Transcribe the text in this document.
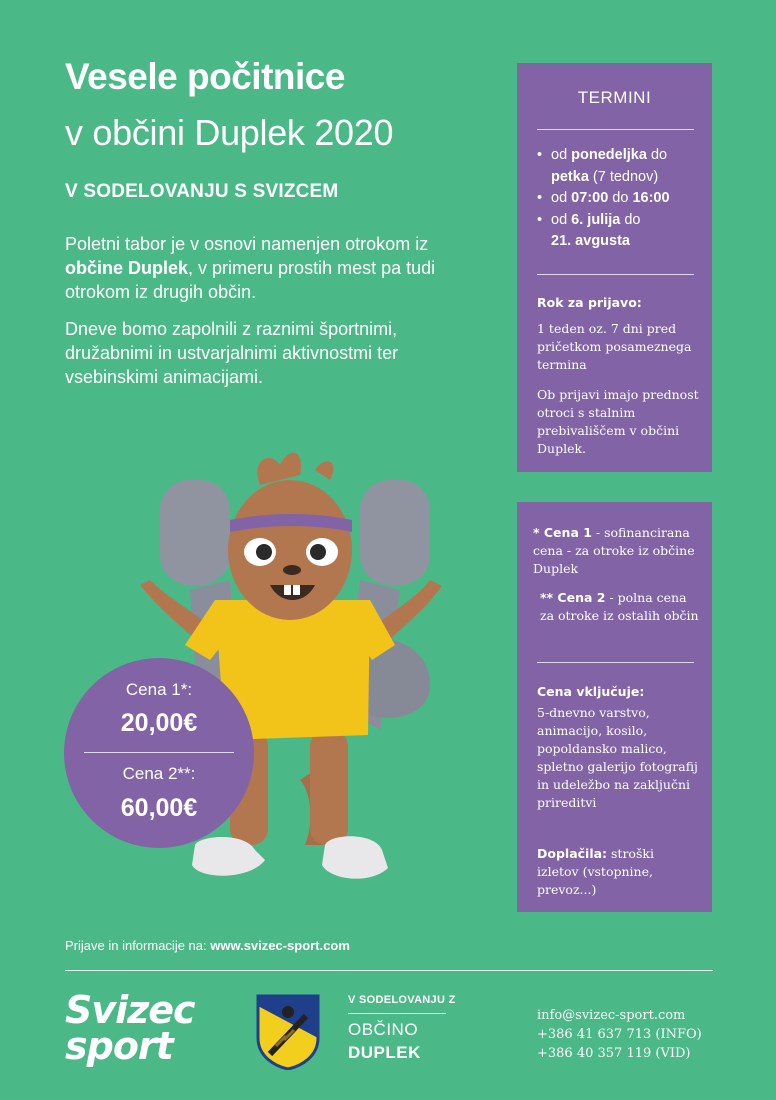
Vesele počitnice
v občini Duplek 2020
V SODELOVANJU S SVIZCEM
Poletni tabor je v osnovi namenjen otrokom iz občine Duplek, v primeru prostih mest pa tudi otrokom iz drugih občin.
Dneve bomo zapolnili z raznimi športnimi, družabnimi in ustvarjalnimi aktivnostmi ter vsebinskimi animacijami.
TERMINI
• od ponedeljka do petka (7 tednov)
• od 07:00 do 16:00
• od 6. julija do
21. avgusta
Rok za prijavo:
1 teden oz. 7 dni pred pričetkom posameznega termina
Ob prijavi imajo prednost otroci s stalnim prebivališčem v občini Duplek.
* Cena 1 - sofinancirana cena - za otroke iz občine Duplek
** Cena 2 - polna cena za otroke iz ostalih občin
Cena vključuje:
5-dnevno varstvo, animacijo, kosilo, popoldansko malico, spletno galerijo fotografij in udeležbo na zaključni prireditvi
Doplačila: stroški izletov (vstopnine, prevoz...)
Cena 1*:
20,00€
Cena 2**:
60,00€
Prijave in informacije na: www.svizec-sport.com
Svizec
sport
V SODELOVANJU Z
OBČINO
DUPLEK
info@svizec-sport.com
+386 41 637 713 (INFO)
+386 40 357 119 (VID)
